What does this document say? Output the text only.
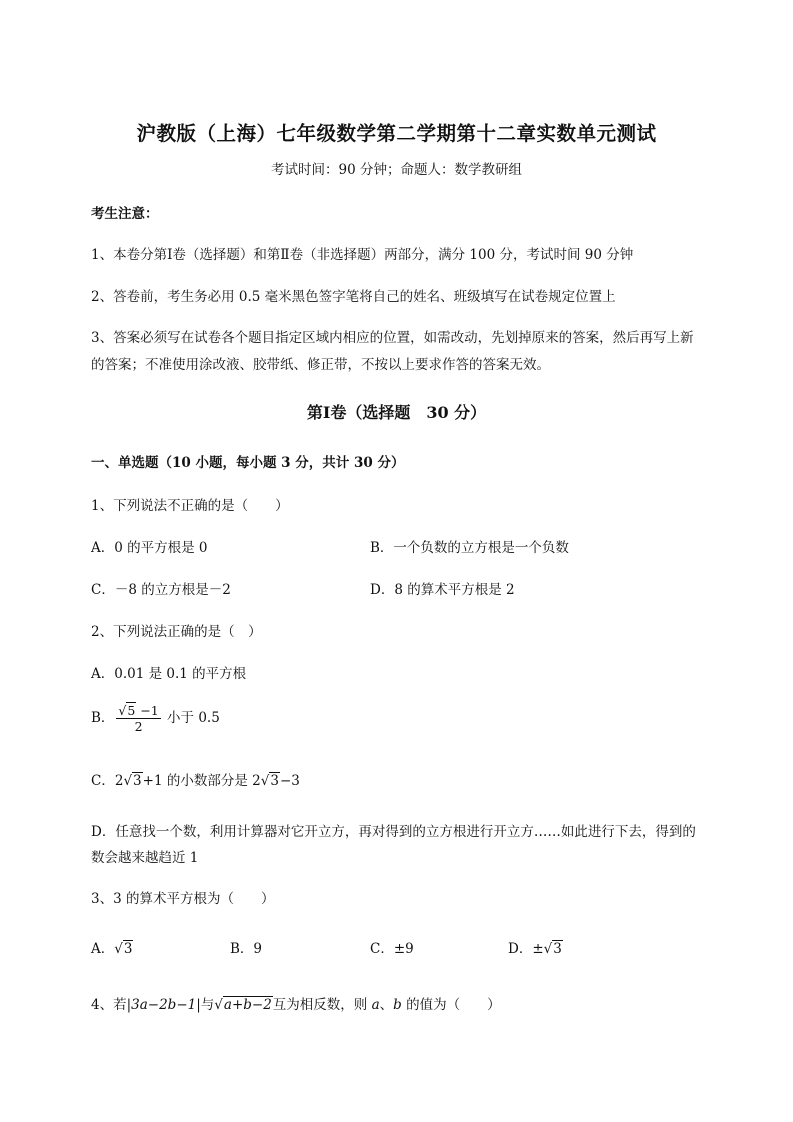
沪教版（上海）七年级数学第二学期第十二章实数单元测试
考试时间：90 分钟；命题人：数学教研组
考生注意：
1、本卷分第Ⅰ卷（选择题）和第Ⅱ卷（非选择题）两部分，满分 100 分，考试时间 90 分钟
2、答卷前，考生务必用 0.5 毫米黑色签字笔将自己的姓名、班级填写在试卷规定位置上
3、答案必须写在试卷各个题目指定区域内相应的位置，如需改动，先划掉原来的答案，然后再写上新
的答案；不准使用涂改液、胶带纸、修正带，不按以上要求作答的答案无效。
第Ⅰ卷（选择题　30 分）
一、单选题（10 小题，每小题 3 分，共计 30 分）
1、下列说法不正确的是（　　）
A．0 的平方根是 0	B．一个负数的立方根是一个负数
C．－8 的立方根是－2	D．8 的算术平方根是 2
2、下列说法正确的是（　）
A．0.01 是 0.1 的平方根
B． $\frac{√5 -1}{2}$ 小于 0.5
C．2√3+1 的小数部分是 2√3−3
D．任意找一个数，利用计算器对它开立方，再对得到的立方根进行开立方……如此进行下去，得到的
数会越来越趋近 1
3、3 的算术平方根为（　　）
A．√3	B．9	C．±9	D．±√3
4、若|3a−2b−1|与√a+b−2互为相反数，则 a、b 的值为（　　）
